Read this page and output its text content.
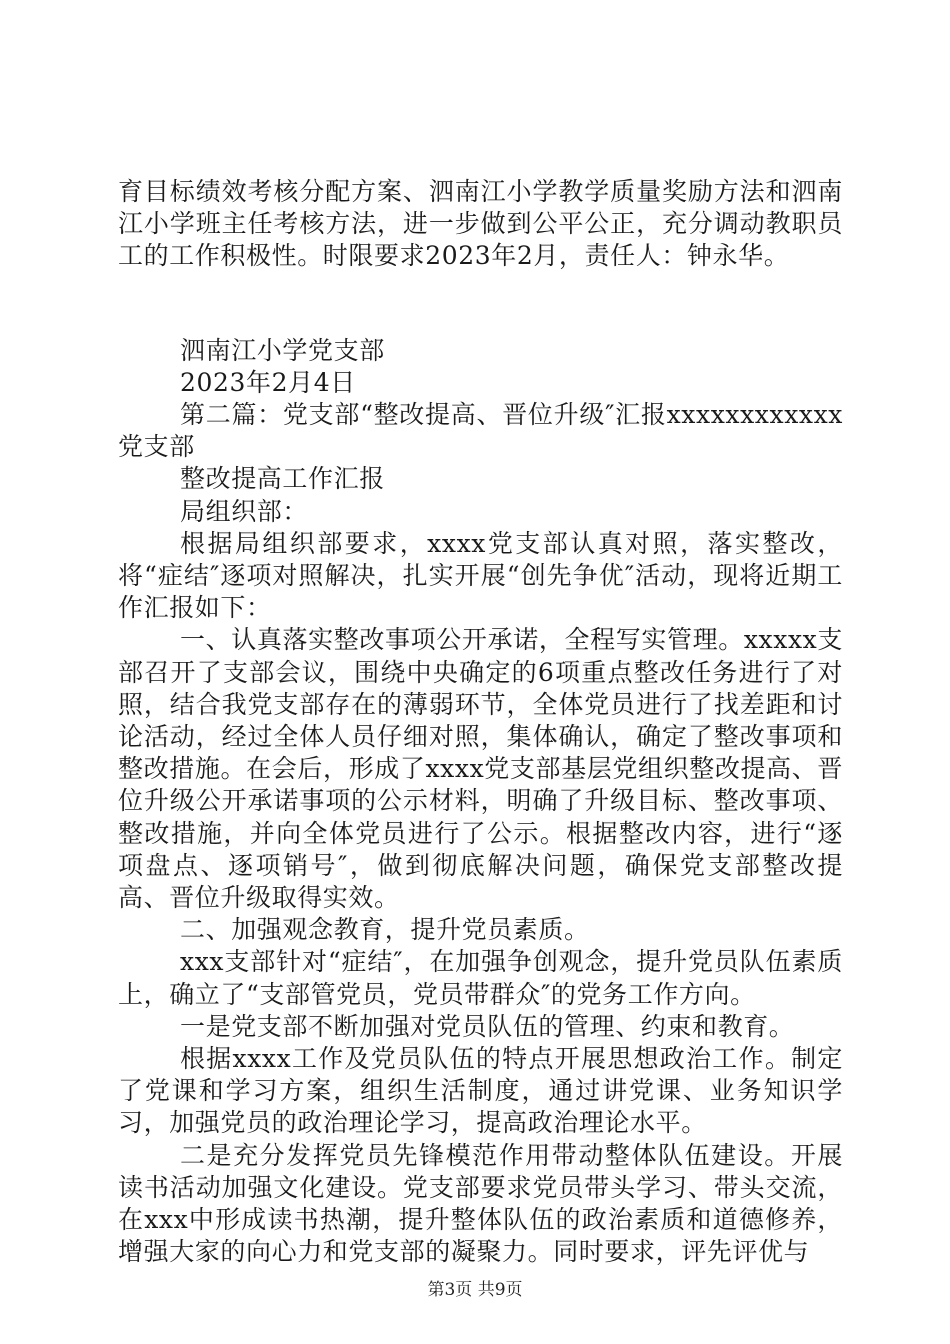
育目标绩效考核分配方案、泗南江小学教学质量奖励方法和泗南江小学班主任考核方法，进一步做到公平公正，充分调动教职员工的工作积极性。时限要求2023年2月，责任人：钟永华。

泗南江小学党支部

2023年2月4日

第二篇：党支部“整改提高、晋位升级″汇报xxxxxxxxxxxx党支部

整改提高工作汇报

局组织部：

根据局组织部要求，xxxx党支部认真对照，落实整改，将“症结″逐项对照解决，扎实开展“创先争优″活动，现将近期工作汇报如下：

一、认真落实整改事项公开承诺，全程写实管理。xxxxx支部召开了支部会议，围绕中央确定的6项重点整改任务进行了对照，结合我党支部存在的薄弱环节，全体党员进行了找差距和讨论活动，经过全体人员仔细对照，集体确认，确定了整改事项和整改措施。在会后，形成了xxxx党支部基层党组织整改提高、晋位升级公开承诺事项的公示材料，明确了升级目标、整改事项、整改措施，并向全体党员进行了公示。根据整改内容，进行“逐项盘点、逐项销号″，做到彻底解决问题，确保党支部整改提高、晋位升级取得实效。

二、加强观念教育，提升党员素质。

xxx支部针对“症结″，在加强争创观念，提升党员队伍素质上，确立了“支部管党员，党员带群众″的党务工作方向。

一是党支部不断加强对党员队伍的管理、约束和教育。

根据xxxx工作及党员队伍的特点开展思想政治工作。制定了党课和学习方案，组织生活制度，通过讲党课、业务知识学习，加强党员的政治理论学习，提高政治理论水平。

二是充分发挥党员先锋模范作用带动整体队伍建设。开展读书活动加强文化建设。党支部要求党员带头学习、带头交流，在xxx中形成读书热潮，提升整体队伍的政治素质和道德修养，增强大家的向心力和党支部的凝聚力。同时要求，评先评优与

第3页 共9页
